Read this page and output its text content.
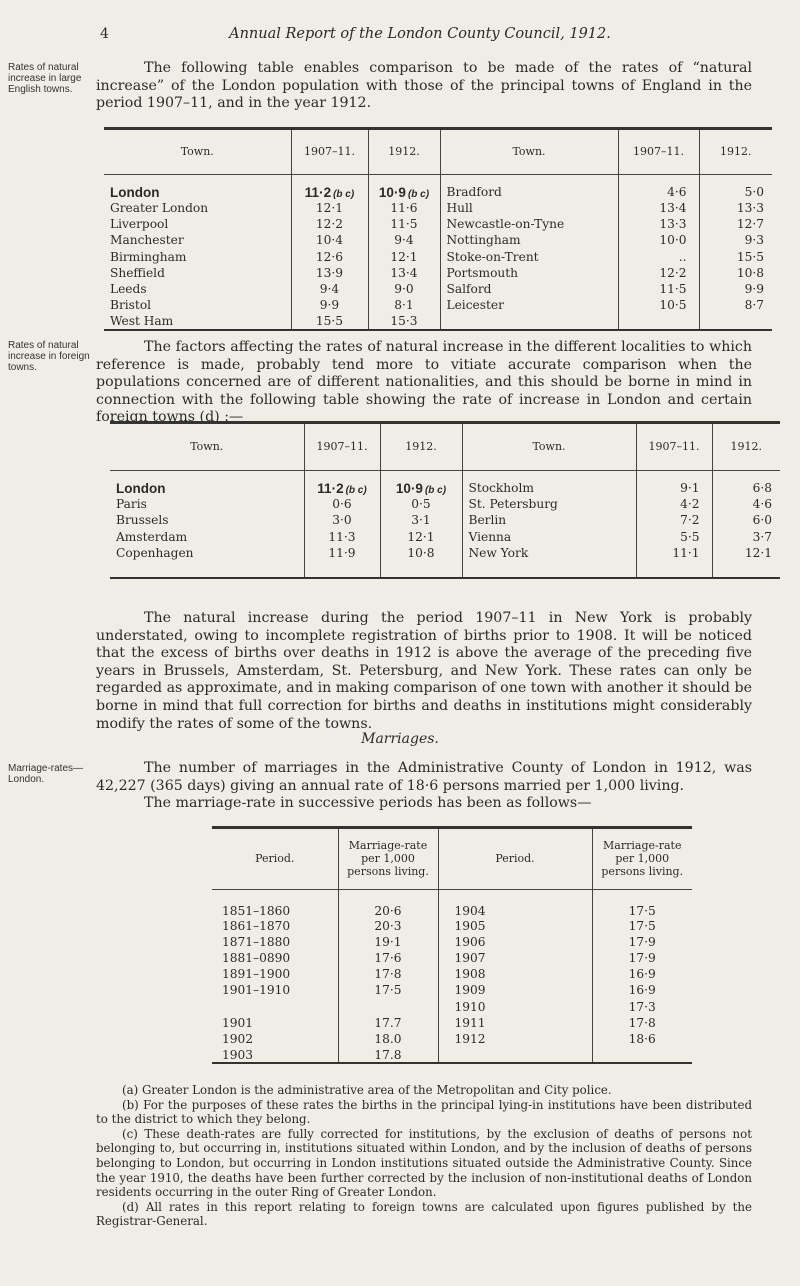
4	Annual Report of the London County Council, 1912.
Rates of natural increase in large English towns.

The following table enables comparison to be made of the rates of “natural increase” of the London population with those of the principal towns of England in the period 1907–11, and in the year 1912.

Town.	1907–11.	1912.	Town.	1907–11.	1912.
London	11·2 (b c)	10·9 (b c)	Bradford	4·6	5·0
Greater London	12·1	11·6	Hull	13·4	13·3
Liverpool	12·2	11·5	Newcastle-on-Tyne	13·3	12·7
Manchester	10·4	9·4	Nottingham	10·0	9·3
Birmingham	12·6	12·1	Stoke-on-Trent	..	15·5
Sheffield	13·9	13·4	Portsmouth	12·2	10·8
Leeds	9·4	9·0	Salford	11·5	9·9
Bristol	9·9	8·1	Leicester	10·5	8·7
West Ham	15·5	15·3			
Rates of natural increase in foreign towns.

The factors affecting the rates of natural increase in the different localities to which reference is made, probably tend more to vitiate accurate comparison when the populations concerned are of different nationalities, and this should be borne in mind in connection with the following table showing the rate of increase in London and certain foreign towns (d) :—

Town.	1907–11.	1912.	Town.	1907–11.	1912.
London	11·2 (b c)	10·9 (b c)	Stockholm	9·1	6·8
Paris	0·6	0·5	St. Petersburg	4·2	4·6
Brussels	3·0	3·1	Berlin	7·2	6·0
Amsterdam	11·3	12·1	Vienna	5·5	3·7
Copenhagen	11·9	10·8	New York	11·1	12·1

The natural increase during the period 1907–11 in New York is probably understated, owing to incomplete registration of births prior to 1908. It will be noticed that the excess of births over deaths in 1912 is above the average of the preceding five years in Brussels, Amsterdam, St. Petersburg, and New York. These rates can only be regarded as approximate, and in making comparison of one town with another it should be borne in mind that full correction for births and deaths in institutions might considerably modify the rates of some of the towns.

Marriages.
Marriage-rates—London.

The number of marriages in the Administrative County of London in 1912, was 42,227 (365 days) giving an annual rate of 18·6 persons married per 1,000 living.

The marriage-rate in successive periods has been as follows—

Period.	Marriage-rate per 1,000 persons living.	Period.	Marriage-rate per 1,000 persons living.
1851–1860	20·6	1904	17·5
1861–1870	20·3	1905	17·5
1871–1880	19·1	1906	17·9
1881–0890	17·6	1907	17·9
1891–1900	17·8	1908	16·9
1901–1910	17·5	1909	16·9
		1910	17·3
1901	17.7	1911	17·8
1902	18.0	1912	18·6
1903	17.8		

(a) Greater London is the administrative area of the Metropolitan and City police.

(b) For the purposes of these rates the births in the principal lying-in institutions have been distributed to the district to which they belong.

(c) These death-rates are fully corrected for institutions, by the exclusion of deaths of persons not belonging to, but occurring in, institutions situated within London, and by the inclusion of deaths of persons belonging to London, but occurring in London institutions situated outside the Administrative County. Since the year 1910, the deaths have been further corrected by the inclusion of non-institutional deaths of London residents occurring in the outer Ring of Greater London.

(d) All rates in this report relating to foreign towns are calculated upon figures published by the Registrar-General.
